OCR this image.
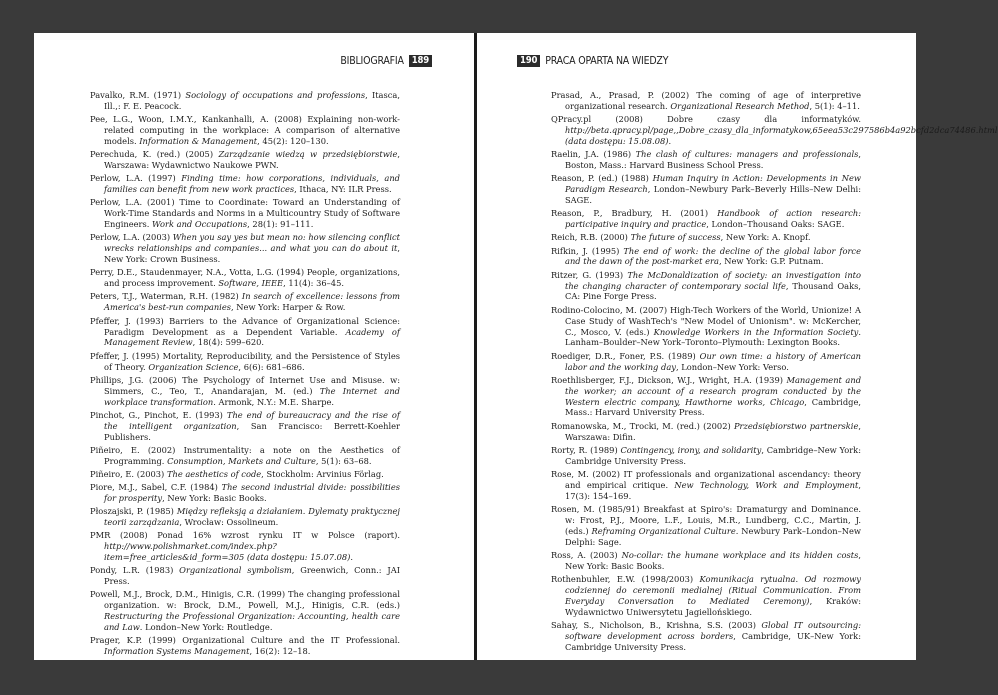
BIBLIOGRAFIA 189

Pavalko, R.M. (1971) Sociology of occupations and professions, Itasca, Ill.,: F. E. Peacock.

Pee, L.G., Woon, I.M.Y., Kankanhalli, A. (2008) Explaining non-work-related computing in the workplace: A comparison of alternative models. Information & Management, 45(2): 120–130.

Perechuda, K. (red.) (2005) Zarządzanie wiedzą w przedsiębiorstwie, Warszawa: Wydawnictwo Naukowe PWN.

Perlow, L.A. (1997) Finding time: how corporations, individuals, and families can benefit from new work practices, Ithaca, NY: ILR Press.

Perlow, L.A. (2001) Time to Coordinate: Toward an Understanding of Work-Time Standards and Norms in a Multicountry Study of Software Engineers. Work and Occupations, 28(1): 91–111.

Perlow, L.A. (2003) When you say yes but mean no: how silencing conflict wrecks relationships and companies... and what you can do about it, New York: Crown Business.

Perry, D.E., Staudenmayer, N.A., Votta, L.G. (1994) People, organizations, and process improvement. Software, IEEE, 11(4): 36–45.

Peters, T.J., Waterman, R.H. (1982) In search of excellence: lessons from America's best-run companies, New York: Harper & Row.

Pfeffer, J. (1993) Barriers to the Advance of Organizational Science: Paradigm Development as a Dependent Variable. Academy of Management Review, 18(4): 599–620.

Pfeffer, J. (1995) Mortality, Reproducibility, and the Persistence of Styles of Theory. Organization Science, 6(6): 681–686.

Phillips, J.G. (2006) The Psychology of Internet Use and Misuse. w: Simmers, C., Teo, T., Anandarajan, M. (ed.) The Internet and workplace transformation. Armonk, N.Y.: M.E. Sharpe.

Pinchot, G., Pinchot, E. (1993) The end of bureaucracy and the rise of the intelligent organization, San Francisco: Berrett-Koehler Publishers.

Piñeiro, E. (2002) Instrumentality: a note on the Aesthetics of Programming. Consumption, Markets and Culture, 5(1): 63–68.

Piñeiro, E. (2003) The aesthetics of code, Stockholm: Arvinius Förlag.

Piore, M.J., Sabel, C.F. (1984) The second industrial divide: possibilities for prosperity, New York: Basic Books.

Płoszajski, P. (1985) Między refleksją a działaniem. Dylematy praktycznej teorii zarządzania, Wrocław: Ossolineum.

PMR (2008) Ponad 16% wzrost rynku IT w Polsce (raport). http://www.polishmarket.com/index.php?item=free_articles&id_form=305 (data dostępu: 15.07.08).

Pondy, L.R. (1983) Organizational symbolism, Greenwich, Conn.: JAI Press.

Powell, M.J., Brock, D.M., Hinigis, C.R. (1999) The changing professional organization. w: Brock, D.M., Powell, M.J., Hinigis, C.R. (eds.) Restructuring the Professional Organization: Accounting, health care and Law. London–New York: Routledge.

Prager, K.P. (1999) Organizational Culture and the IT Professional. Information Systems Management, 16(2): 12–18.

190 PRACA OPARTA NA WIEDZY

Prasad, A., Prasad, P. (2002) The coming of age of interpretive organizational research. Organizational Research Method, 5(1): 4–11.

QPracy.pl (2008) Dobre czasy dla informatyków. http://beta.qpracy.pl/page,,Dobre_czasy_dla_informatykow,65eea53c297586b4a92bcfd2dca74486.html (data dostępu: 15.08.08).

Raelin, J.A. (1986) The clash of cultures: managers and professionals, Boston, Mass.: Harvard Business School Press.

Reason, P. (ed.) (1988) Human Inquiry in Action: Developments in New Paradigm Research, London–Newbury Park–Beverly Hills–New Delhi: SAGE.

Reason, P., Bradbury, H. (2001) Handbook of action research: participative inquiry and practice, London–Thousand Oaks: SAGE.

Reich, R.B. (2000) The future of success, New York: A. Knopf.

Rifkin, J. (1995) The end of work: the decline of the global labor force and the dawn of the post-market era, New York: G.P. Putnam.

Ritzer, G. (1993) The McDonaldization of society: an investigation into the changing character of contemporary social life, Thousand Oaks, CA: Pine Forge Press.

Rodino-Colocino, M. (2007) High-Tech Workers of the World, Unionize! A Case Study of WashTech's "New Model of Unionism". w: McKercher, C., Mosco, V. (eds.) Knowledge Workers in the Information Society. Lanham–Boulder–New York–Toronto–Plymouth: Lexington Books.

Roediger, D.R., Foner, P.S. (1989) Our own time: a history of American labor and the working day, London–New York: Verso.

Roethlisberger, F.J., Dickson, W.J., Wright, H.A. (1939) Management and the worker; an account of a research program conducted by the Western electric company, Hawthorne works, Chicago, Cambridge, Mass.: Harvard University Press.

Romanowska, M., Trocki, M. (red.) (2002) Przedsiębiorstwo partnerskie, Warszawa: Difin.

Rorty, R. (1989) Contingency, irony, and solidarity, Cambridge–New York: Cambridge University Press.

Rose, M. (2002) IT professionals and organizational ascendancy: theory and empirical critique. New Technology, Work and Employment, 17(3): 154–169.

Rosen, M. (1985/91) Breakfast at Spiro's: Dramaturgy and Dominance. w: Frost, P.J., Moore, L.F., Louis, M.R., Lundberg, C.C., Martin, J. (eds.) Reframing Organizational Culture. Newbury Park–London–New Delphi: Sage.

Ross, A. (2003) No-collar: the humane workplace and its hidden costs, New York: Basic Books.

Rothenbuhler, E.W. (1998/2003) Komunikacja rytualna. Od rozmowy codziennej do ceremonii medialnej (Ritual Communication. From Everyday Conversation to Mediated Ceremony), Kraków: Wydawnictwo Uniwersytetu Jagiellońskiego.

Sahay, S., Nicholson, B., Krishna, S.S. (2003) Global IT outsourcing: software development across borders, Cambridge, UK–New York: Cambridge University Press.
